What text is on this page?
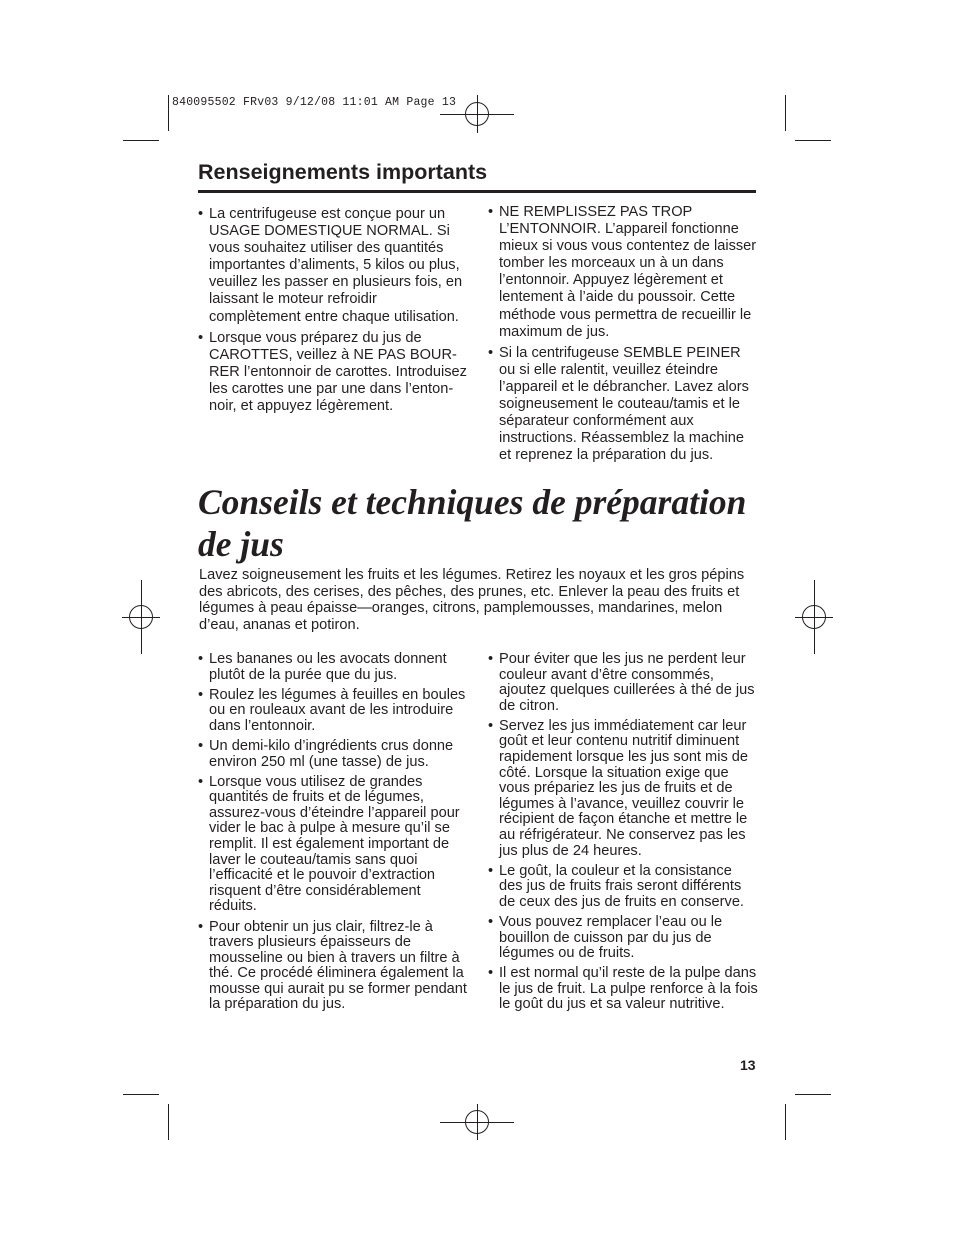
840095502 FRv03 9/12/08 11:01 AM Page 13
Renseignements importants
• La centrifugeuse est conçue pour un USAGE DOMESTIQUE NORMAL. Si vous souhaitez utiliser des quantités importantes d’aliments, 5 kilos ou plus, veuillez les passer en plusieurs fois, en laissant le moteur refroidir complètement entre chaque utilisation.
• Lorsque vous préparez du jus de CAROTTES, veillez à NE PAS BOUR-RER l’entonnoir de carottes. Introduisez les carottes une par une dans l’enton-noir, et appuyez légèrement.
• NE REMPLISSEZ PAS TROP L’ENTONNOIR. L’appareil fonctionne mieux si vous vous contentez de laisser tomber les morceaux un à un dans l’entonnoir. Appuyez légèrement et lentement à l’aide du poussoir. Cette méthode vous permettra de recueillir le maximum de jus.
• Si la centrifugeuse SEMBLE PEINER ou si elle ralentit, veuillez éteindre l’appareil et le débrancher. Lavez alors soigneusement le couteau/tamis et le séparateur conformément aux instructions. Réassemblez la machine et reprenez la préparation du jus.
Conseils et techniques de préparation de jus

Lavez soigneusement les fruits et les légumes. Retirez les noyaux et les gros pépins des abricots, des cerises, des pêches, des prunes, etc. Enlever la peau des fruits et légumes à peau épaisse—oranges, citrons, pamplemousses, mandarines, melon d’eau, ananas et potiron.

• Les bananes ou les avocats donnent plutôt de la purée que du jus.
• Roulez les légumes à feuilles en boules ou en rouleaux avant de les introduire dans l’entonnoir.
• Un demi-kilo d’ingrédients crus donne environ 250 ml (une tasse) de jus.
• Lorsque vous utilisez de grandes quantités de fruits et de légumes, assurez-vous d’éteindre l’appareil pour vider le bac à pulpe à mesure qu’il se remplit. Il est également important de laver le couteau/tamis sans quoi l’efficacité et le pouvoir d’extraction risquent d’être considérablement réduits.
• Pour obtenir un jus clair, filtrez-le à travers plusieurs épaisseurs de mousseline ou bien à travers un filtre à thé. Ce procédé éliminera également la mousse qui aurait pu se former pendant la préparation du jus.
• Pour éviter que les jus ne perdent leur couleur avant d’être consommés, ajoutez quelques cuillerées à thé de jus de citron.
• Servez les jus immédiatement car leur goût et leur contenu nutritif diminuent rapidement lorsque les jus sont mis de côté. Lorsque la situation exige que vous prépariez les jus de fruits et de légumes à l’avance, veuillez couvrir le récipient de façon étanche et mettre le au réfrigérateur. Ne conservez pas les jus plus de 24 heures.
• Le goût, la couleur et la consistance des jus de fruits frais seront différents de ceux des jus de fruits en conserve.
• Vous pouvez remplacer l’eau ou le bouillon de cuisson par du jus de légumes ou de fruits.
• Il est normal qu’il reste de la pulpe dans le jus de fruit. La pulpe renforce à la fois le goût du jus et sa valeur nutritive.
13
